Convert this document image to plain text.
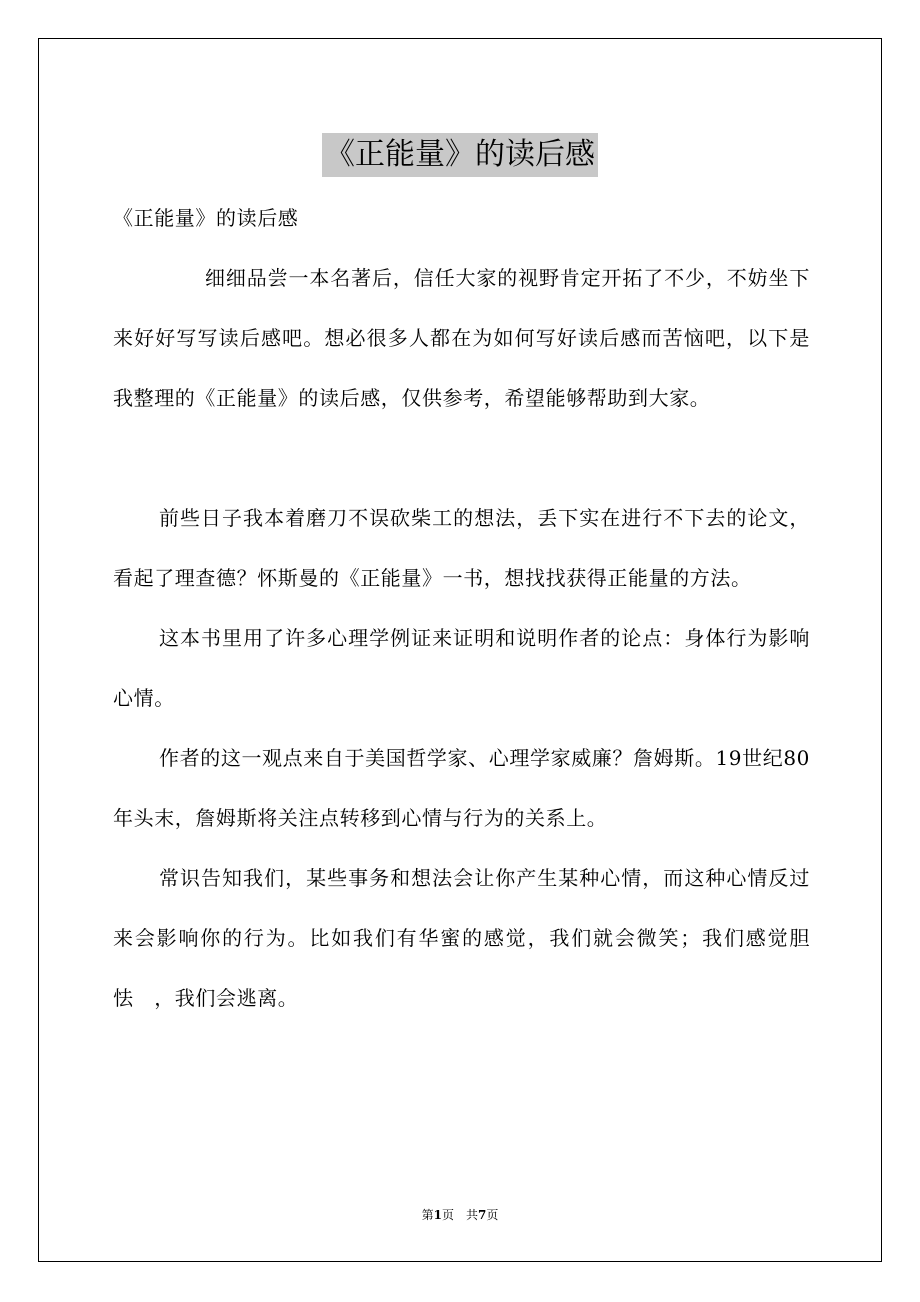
《正能量》的读后感

《正能量》的读后感

细细品尝一本名著后，信任大家的视野肯定开拓了不少，不妨坐下来好好写写读后感吧。想必很多人都在为如何写好读后感而苦恼吧，以下是我整理的《正能量》的读后感，仅供参考，希望能够帮助到大家。

前些日子我本着磨刀不误砍柴工的想法，丢下实在进行不下去的论文，看起了理查德？怀斯曼的《正能量》一书，想找找获得正能量的方法。

这本书里用了许多心理学例证来证明和说明作者的论点：身体行为影响心情。

作者的这一观点来自于美国哲学家、心理学家威廉？詹姆斯。19世纪80年头末，詹姆斯将关注点转移到心情与行为的关系上。

常识告知我们，某些事务和想法会让你产生某种心情，而这种心情反过来会影响你的行为。比如我们有华蜜的感觉，我们就会微笑；我们感觉胆怯　，我们会逃离。

第1页　共7页
